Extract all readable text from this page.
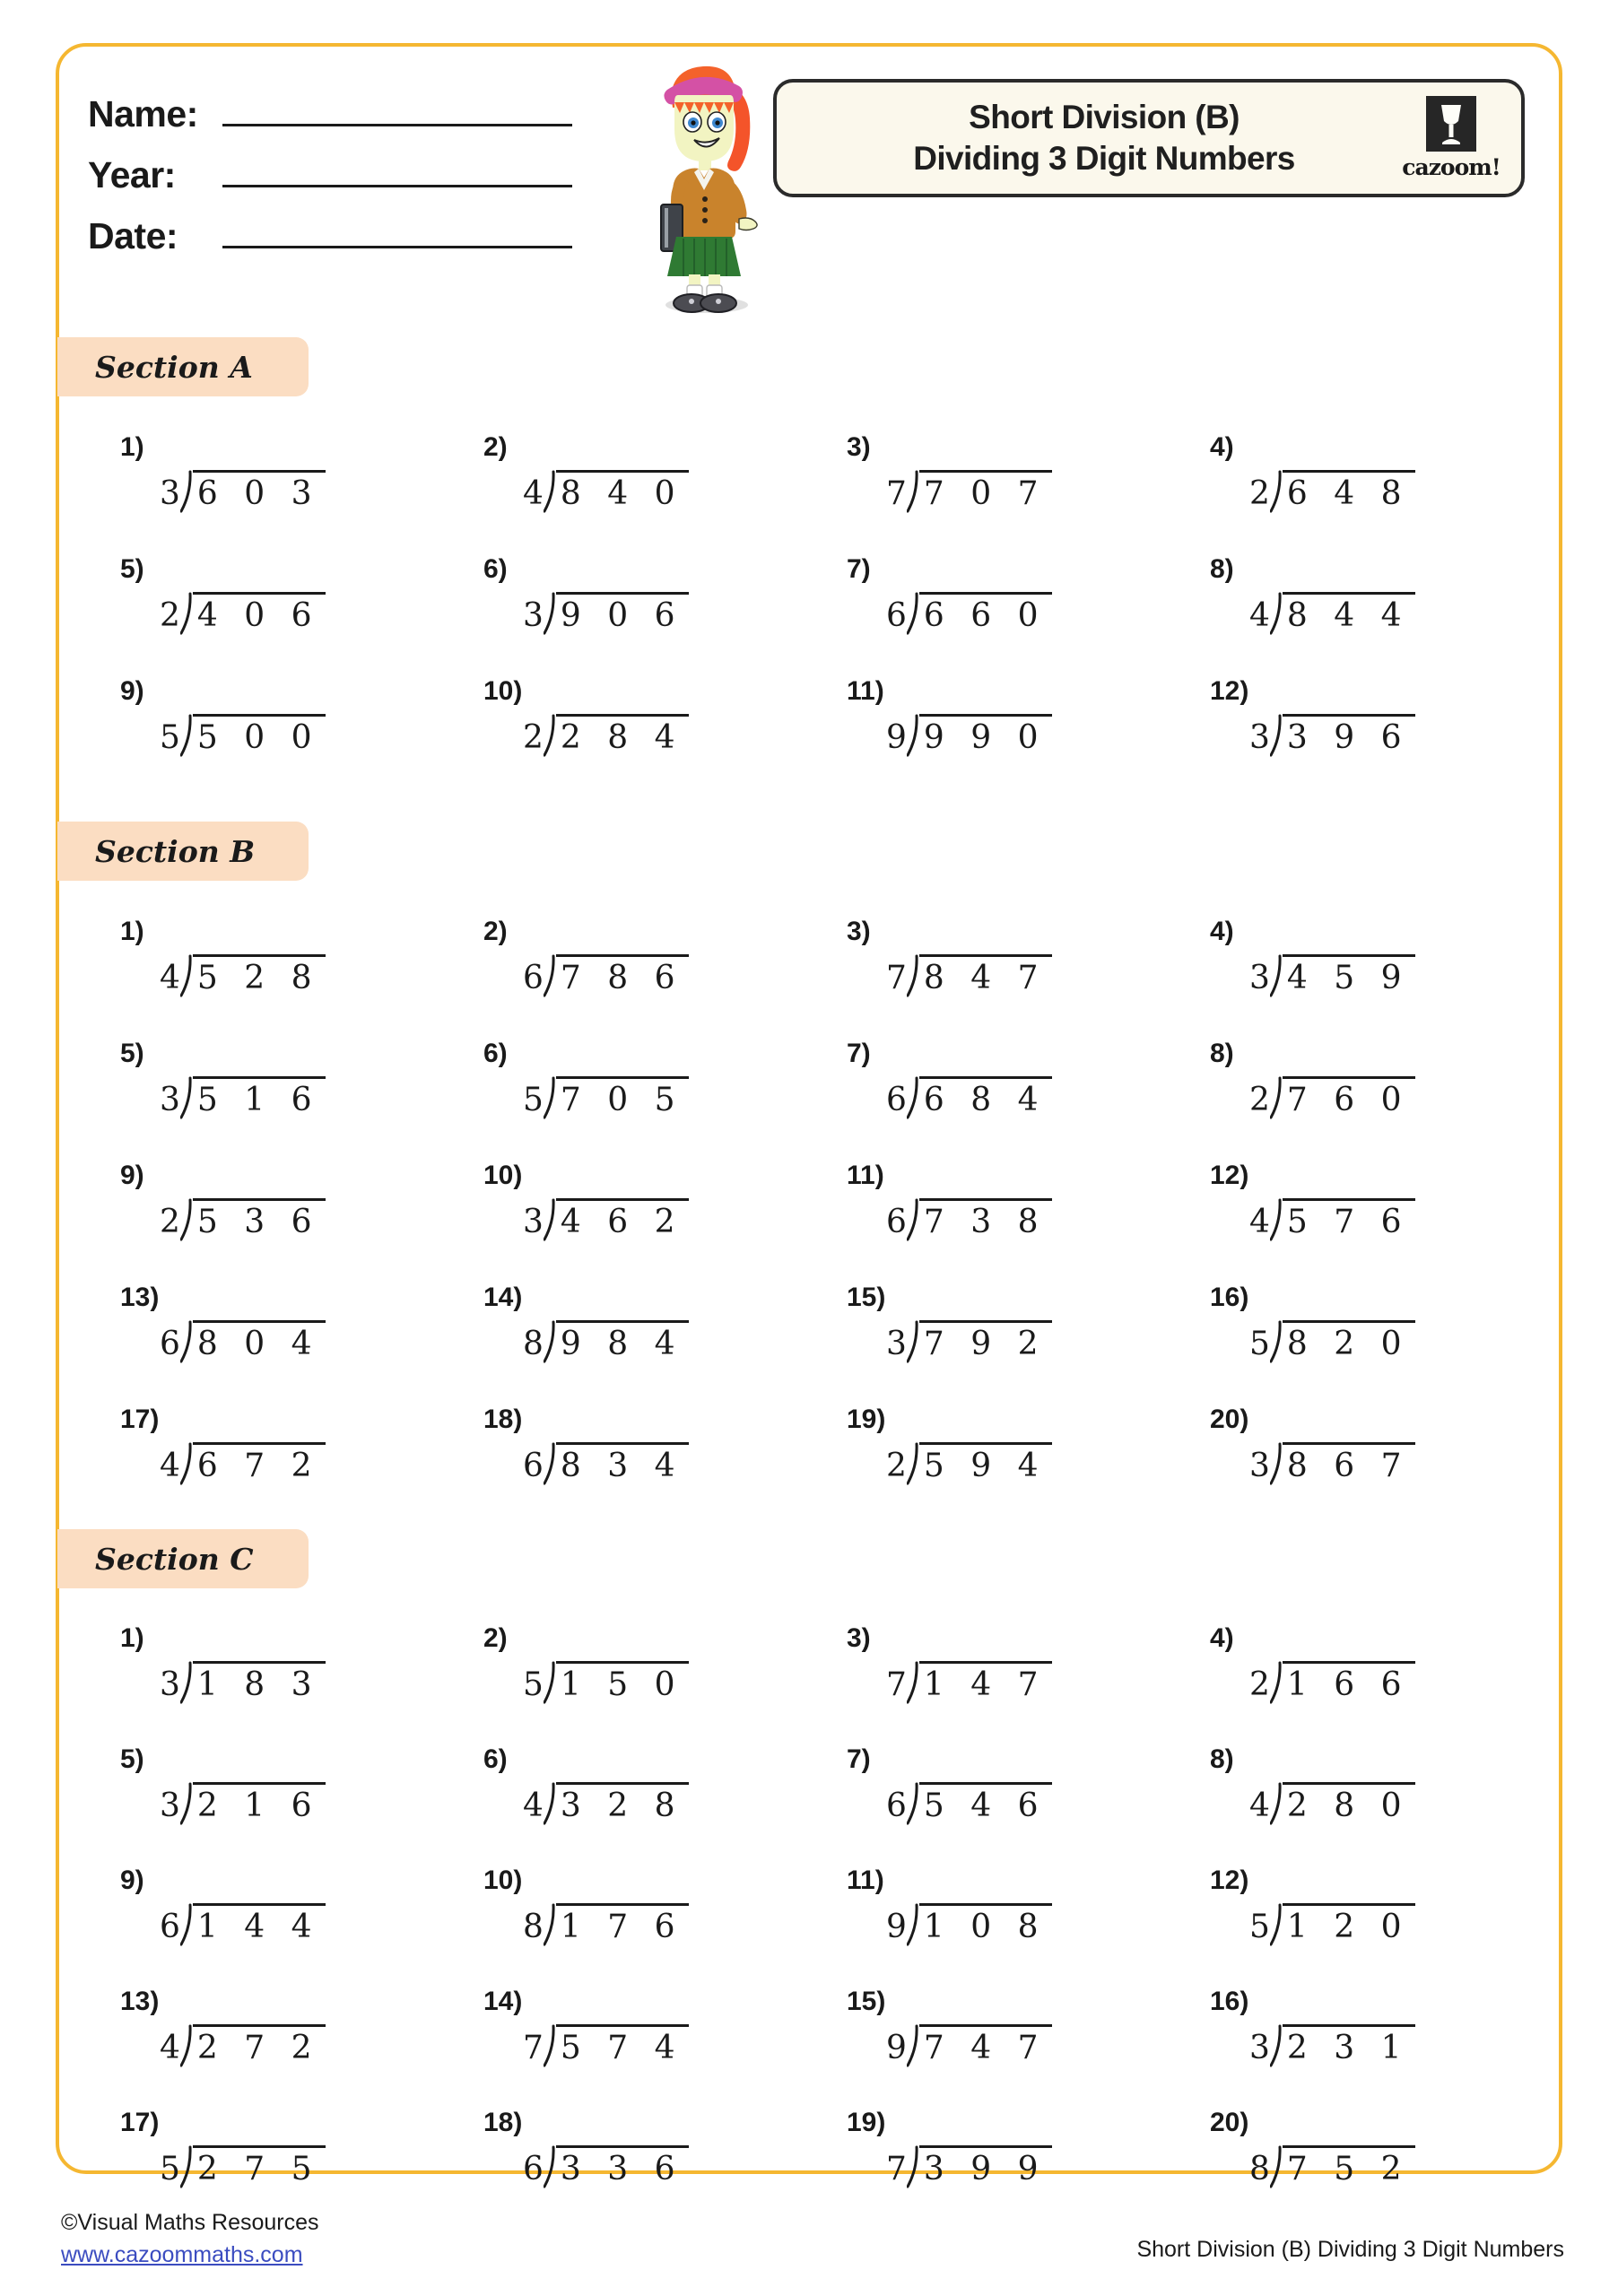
Name:
Year:
Date:
Short Division (B)
Dividing 3 Digit Numbers	cazoom!
Section A
1)
3 6 0 3
2)
4 8 4 0
3)
7 7 0 7
4)
2 6 4 8
5)
2 4 0 6
6)
3 9 0 6
7)
6 6 6 0
8)
4 8 4 4
9)
5 5 0 0
10)
2 2 8 4
11)
9 9 9 0
12)
3 3 9 6
Section B
1)
4 5 2 8
2)
6 7 8 6
3)
7 8 4 7
4)
3 4 5 9
5)
3 5 1 6
6)
5 7 0 5
7)
6 6 8 4
8)
2 7 6 0
9)
2 5 3 6
10)
3 4 6 2
11)
6 7 3 8
12)
4 5 7 6
13)
6 8 0 4
14)
8 9 8 4
15)
3 7 9 2
16)
5 8 2 0
17)
4 6 7 2
18)
6 8 3 4
19)
2 5 9 4
20)
3 8 6 7
Section C
1)
3 1 8 3
2)
5 1 5 0
3)
7 1 4 7
4)
2 1 6 6
5)
3 2 1 6
6)
4 3 2 8
7)
6 5 4 6
8)
4 2 8 0
9)
6 1 4 4
10)
8 1 7 6
11)
9 1 0 8
12)
5 1 2 0
13)
4 2 7 2
14)
7 5 7 4
15)
9 7 4 7
16)
3 2 3 1
17)
5 2 7 5
18)
6 3 3 6
19)
7 3 9 9
20)
8 7 5 2
©Visual Maths Resources
www.cazoommaths.com	Short Division (B) Dividing 3 Digit Numbers
